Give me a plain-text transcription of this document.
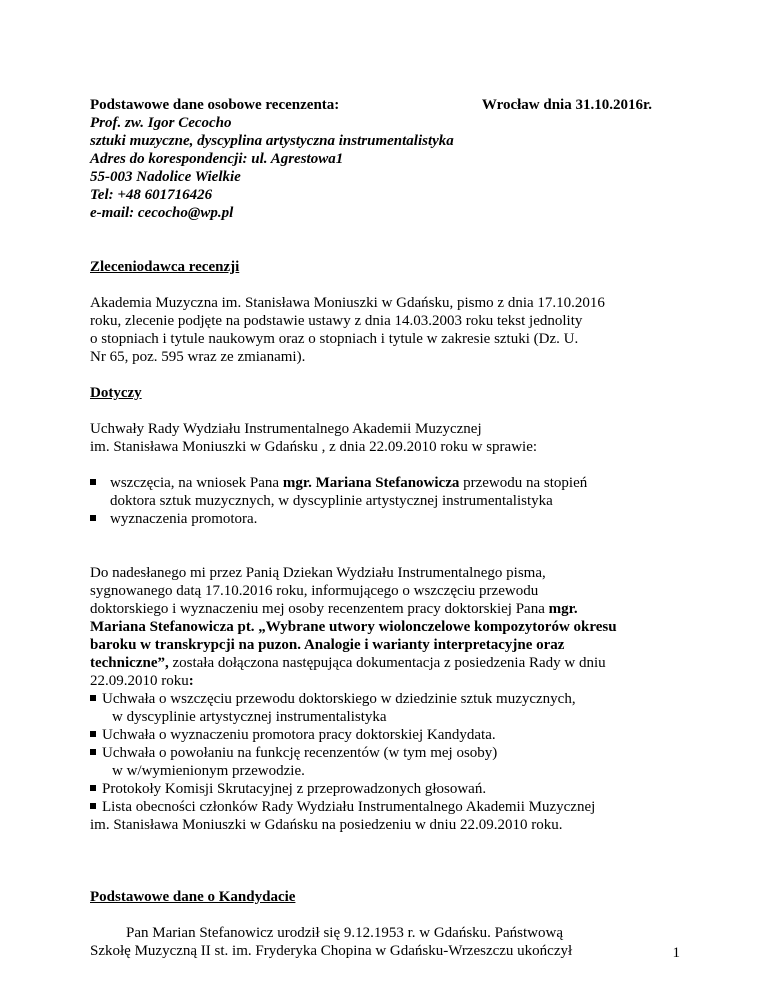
Podstawowe dane osobowe recenzenta:	Wrocław dnia 31.10.2016r.
Prof. zw. Igor Cecocho
sztuki muzyczne, dyscyplina artystyczna instrumentalistyka
Adres do korespondencji: ul. Agrestowa1
55-003 Nadolice Wielkie
Tel: +48 601716426
e-mail: cecocho@wp.pl
Zleceniodawca recenzji
Akademia Muzyczna im. Stanisława Moniuszki w Gdańsku, pismo z dnia 17.10.2016
roku, zlecenie podjęte na podstawie ustawy z dnia 14.03.2003 roku tekst jednolity
o stopniach i tytule naukowym oraz o stopniach i tytule w zakresie sztuki (Dz. U.
Nr 65, poz. 595 wraz ze zmianami).
Dotyczy
Uchwały Rady Wydziału Instrumentalnego Akademii Muzycznej
im. Stanisława Moniuszki w Gdańsku , z dnia 22.09.2010 roku w sprawie:
wszczęcia, na wniosek Pana mgr. Mariana Stefanowicza przewodu na stopień
doktora sztuk muzycznych, w dyscyplinie artystycznej instrumentalistyka
wyznaczenia promotora.
Do nadesłanego mi przez Panią Dziekan Wydziału Instrumentalnego pisma,
sygnowanego datą 17.10.2016 roku, informującego o wszczęciu przewodu
doktorskiego i wyznaczeniu mej osoby recenzentem pracy doktorskiej Pana mgr.
Mariana Stefanowicza pt. „Wybrane utwory wiolonczelowe kompozytorów okresu
baroku w transkrypcji na puzon. Analogie i warianty interpretacyjne oraz
techniczne”, została dołączona następująca dokumentacja z posiedzenia Rady w dniu
22.09.2010 roku:
Uchwała o wszczęciu przewodu doktorskiego w dziedzinie sztuk muzycznych,
w dyscyplinie artystycznej instrumentalistyka
Uchwała o wyznaczeniu promotora pracy doktorskiej Kandydata.
Uchwała o powołaniu na funkcję recenzentów (w tym mej osoby)
w w/wymienionym przewodzie.
Protokoły Komisji Skrutacyjnej z przeprowadzonych głosowań.
Lista obecności członków Rady Wydziału Instrumentalnego Akademii Muzycznej
im. Stanisława Moniuszki w Gdańsku na posiedzeniu w dniu 22.09.2010 roku.
Podstawowe dane o Kandydacie
Pan Marian Stefanowicz urodził się 9.12.1953 r. w Gdańsku. Państwową
Szkołę Muzyczną II st. im. Fryderyka Chopina w Gdańsku-Wrzeszczu ukończył	1
